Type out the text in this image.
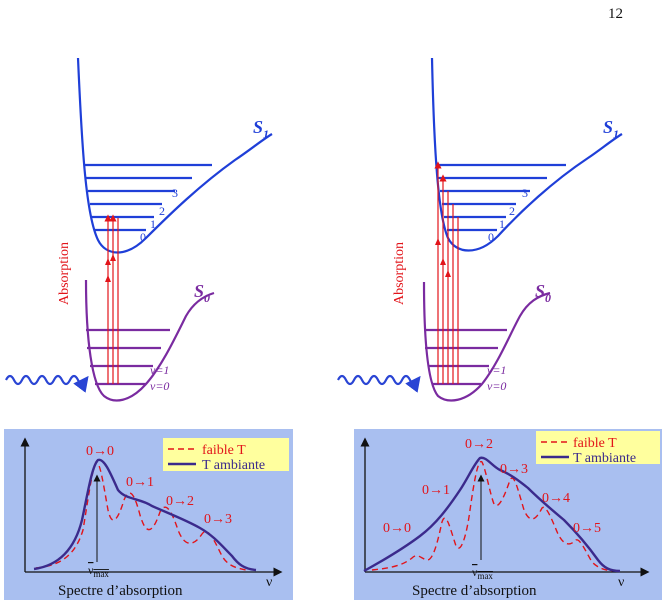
12
$S_1$
0
1
2
3
$S_0$
v=1
v=0
Absorption
$S_1$
0
1
2
3
$S_0$
v=1
v=0
Absorption
ν
$\nu_{max}$
0→0
0→1
0→2
0→3
faible T
T ambiante
Spectre d’absorption
ν
$\nu_{max}$
0→2
0→3
0→1
0→4
0→0	0→5
faible T
T ambiante
Spectre d’absorption
